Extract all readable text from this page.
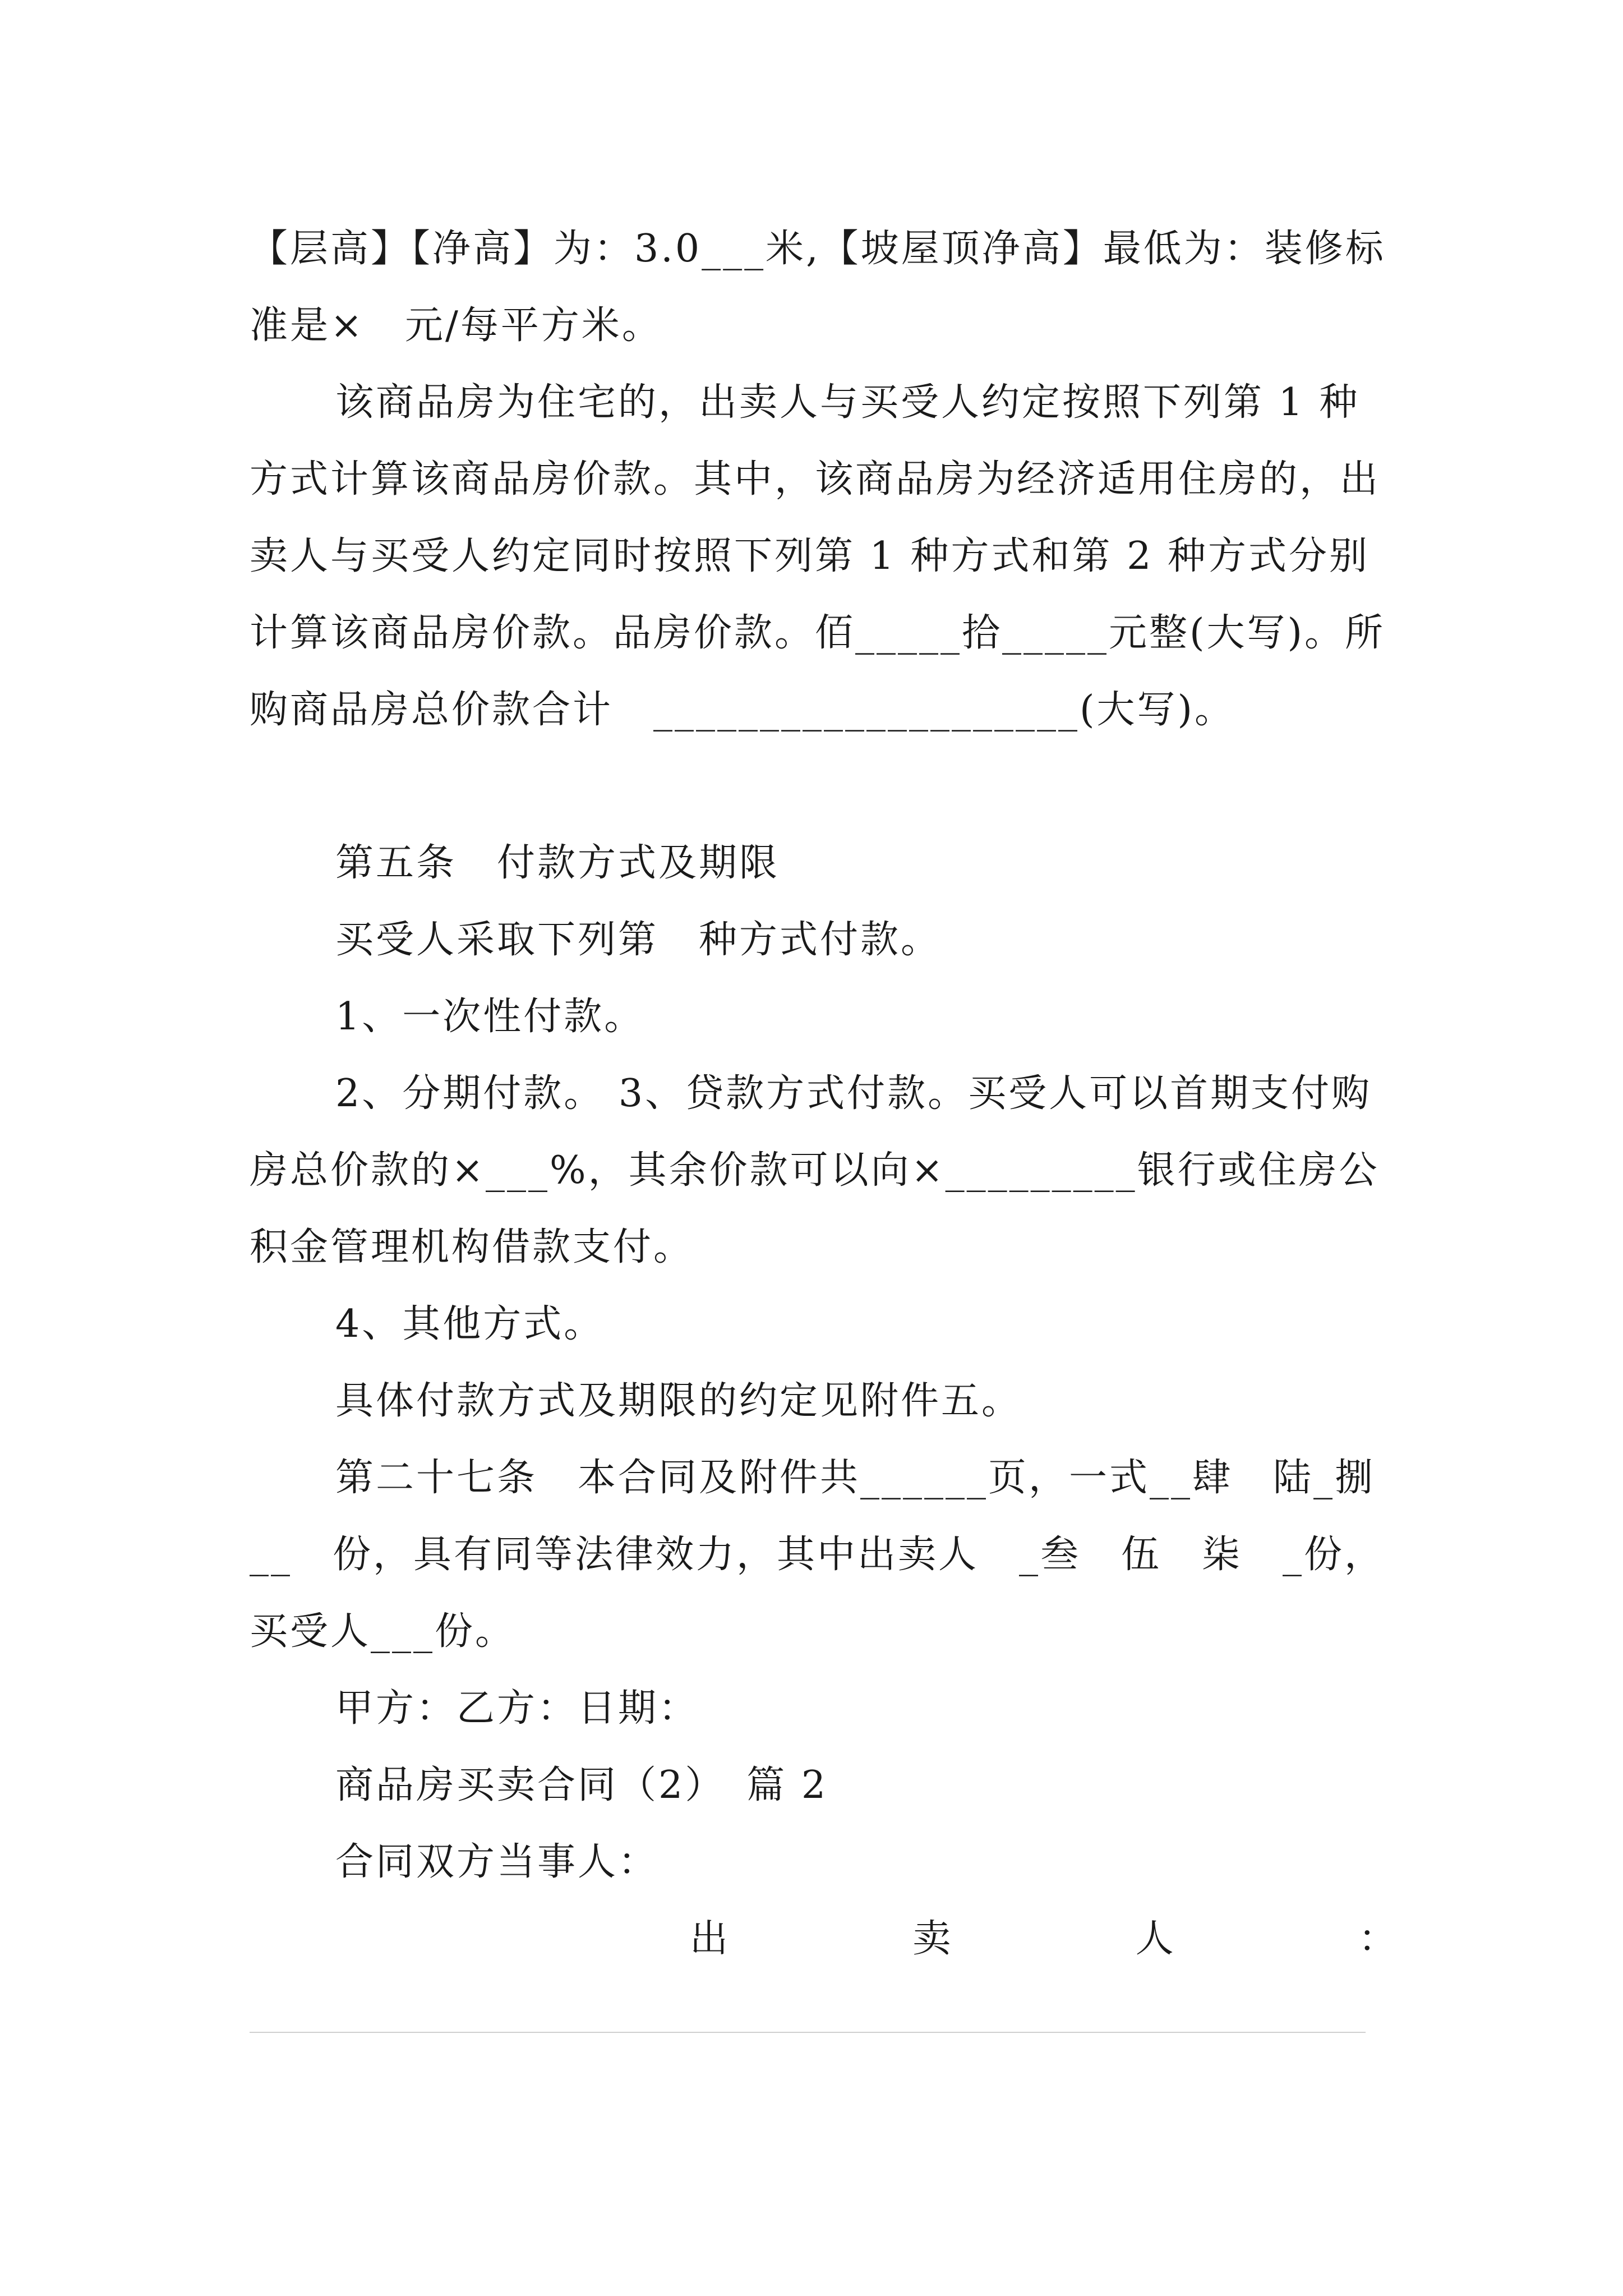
【层高】【净高】为：3.0___米,【坡屋顶净高】最低为：装修标准是×　元/每平方米。

该商品房为住宅的，出卖人与买受人约定按照下列第 1 种方式计算该商品房价款。其中，该商品房为经济适用住房的，出卖人与买受人约定同时按照下列第 1 种方式和第 2 种方式分别计算该商品房价款。品房价款。佰_____拾_____元整(大写)。所购商品房总价款合计　____________________(大写)。

第五条　付款方式及期限

买受人采取下列第　种方式付款。

1、一次性付款。

2、分期付款。 3、贷款方式付款。买受人可以首期支付购房总价款的×___%，其余价款可以向×_________银行或住房公积金管理机构借款支付。

4、其他方式。

具体付款方式及期限的约定见附件五。

第二十七条　本合同及附件共______页，一式__肆　陆_捌__　份，具有同等法律效力，其中出卖人　_叁　伍　柒　_份，买受人___份。

甲方：乙方：日期：

商品房买卖合同（2）　篇 2

合同双方当事人：

出	卖	人	：
